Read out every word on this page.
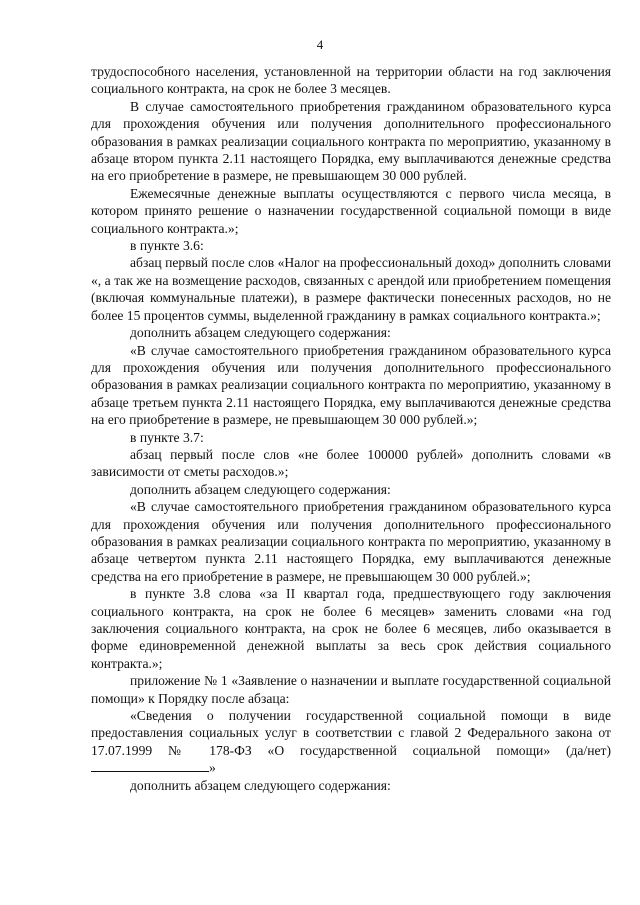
4

трудоспособного населения, установленной на территории области на год заключения социального контракта, на срок не более 3 месяцев.

В случае самостоятельного приобретения гражданином образовательного курса для прохождения обучения или получения дополнительного профессионального образования в рамках реализации социального контракта по мероприятию, указанному в абзаце втором пункта 2.11 настоящего Порядка, ему выплачиваются денежные средства на его приобретение в размере, не превышающем 30 000 рублей.

Ежемесячные денежные выплаты осуществляются с первого числа месяца, в котором принято решение о назначении государственной социальной помощи в виде социального контракта.»;

в пункте 3.6:

абзац первый после слов «Налог на профессиональный доход» дополнить словами «, а так же на возмещение расходов, связанных с арендой или приобретением помещения (включая коммунальные платежи), в размере фактически понесенных расходов, но не более 15 процентов суммы, выделенной гражданину в рамках социального контракта.»;

дополнить абзацем следующего содержания:

«В случае самостоятельного приобретения гражданином образовательного курса для прохождения обучения или получения дополнительного профессионального образования в рамках реализации социального контракта по мероприятию, указанному в абзаце третьем пункта 2.11 настоящего Порядка, ему выплачиваются денежные средства на его приобретение в размере, не превышающем 30 000 рублей.»;

в пункте 3.7:

абзац первый после слов «не более 100000 рублей» дополнить словами «в зависимости от сметы расходов.»;

дополнить абзацем следующего содержания:

«В случае самостоятельного приобретения гражданином образовательного курса для прохождения обучения или получения дополнительного профессионального образования в рамках реализации социального контракта по мероприятию, указанному в абзаце четвертом пункта 2.11 настоящего Порядка, ему выплачиваются денежные средства на его приобретение в размере, не превышающем 30 000 рублей.»;

в пункте 3.8 слова «за II квартал года, предшествующего году заключения социального контракта, на срок не более 6 месяцев» заменить словами «на год заключения социального контракта, на срок не более 6 месяцев, либо оказывается в форме единовременной денежной выплаты за весь срок действия социального контракта.»;

приложение № 1 «Заявление о назначении и выплате государственной социальной помощи» к Порядку после абзаца:

«Сведения о получении государственной социальной помощи в виде предоставления социальных услуг в соответствии с главой 2 Федерального закона от 17.07.1999 № 178-ФЗ «О государственной социальной помощи» (да/нет) »

дополнить абзацем следующего содержания:
